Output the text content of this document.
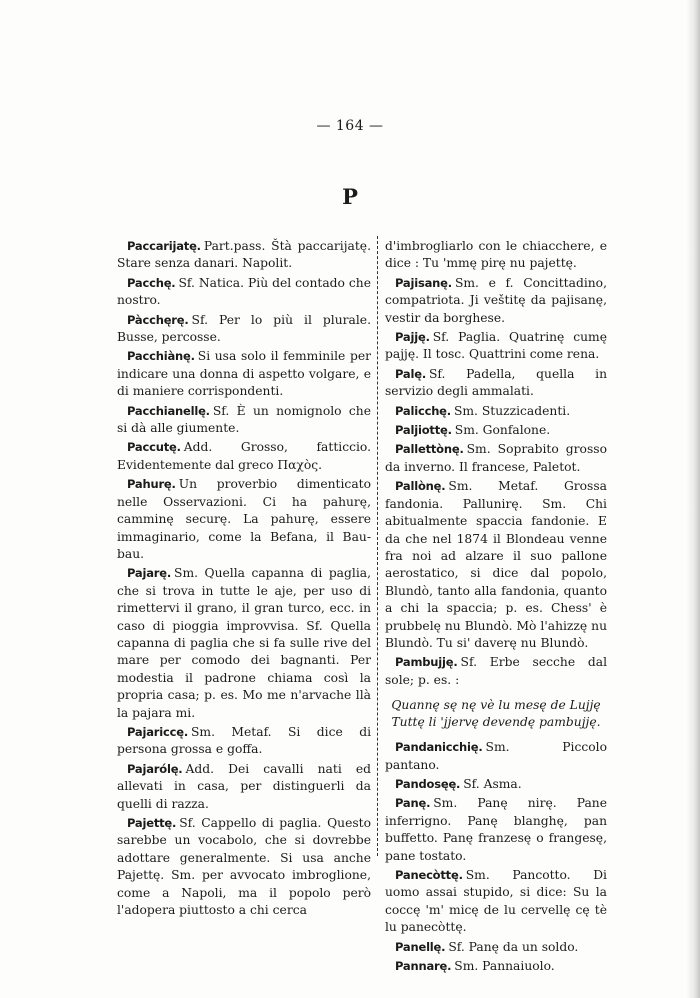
— 164 —
P

Paccarijatę. Part.pass. Štà paccarijatę. Stare senza danari. Napolit.

Pacchę. Sf. Natica. Più del contado che nostro.

Pàcchęrę. Sf. Per lo più il plurale. Busse, percosse.

Pacchiànę. Si usa solo il femminile per indicare una donna di aspetto volgare, e di maniere corrispondenti.

Pacchianellę. Sf. È un nomignolo che si dà alle giumente.

Paccutę. Add. Grosso, fatticcio. Evidentemente dal greco Παχὸς.

Pahurę. Un proverbio dimenticato nelle Osservazioni. Ci ha pahurę, camminę securę. La pahurę, essere immaginario, come la Befana, il Bau-bau.

Pajarę. Sm. Quella capanna di paglia, che si trova in tutte le aje, per uso di rimettervi il grano, il gran turco, ecc. in caso di pioggia improvvisa. Sf. Quella capanna di paglia che si fa sulle rive del mare per comodo dei bagnanti. Per modestia il padrone chiama così la propria casa; p. es. Mo me n'arvache llà la pajara mi.

Pajariccę. Sm. Metaf. Si dice di persona grossa e goffa.

Pajarólę. Add. Dei cavalli nati ed allevati in casa, per distinguerli da quelli di razza.

Pajettę. Sf. Cappello di paglia. Questo sarebbe un vocabolo, che si dovrebbe adottare generalmente. Si usa anche Pajettę. Sm. per avvocato imbroglione, come a Napoli, ma il popolo però l'adopera piuttosto a chi cerca

d'imbrogliarlo con le chiacchere, e dice : Tu 'mmę pirę nu pajettę.

Pajisanę. Sm. e f. Concittadino, compatriota. Ji veštitę da pajisanę, vestir da borghese.

Pajję. Sf. Paglia. Quatrinę cumę pajję. Il tosc. Quattrini come rena.

Palę. Sf. Padella, quella in servizio degli ammalati.

Palicchę. Sm. Stuzzicadenti.

Paljiottę. Sm. Gonfalone.

Pallettònę. Sm. Soprabito grosso da inverno. Il francese, Paletot.

Pallònę. Sm. Metaf. Grossa fandonia. Pallunirę. Sm. Chi abitualmente spaccia fandonie. E da che nel 1874 il Blondeau venne fra noi ad alzare il suo pallone aerostatico, si dice dal popolo, Blundò, tanto alla fandonia, quanto a chi la spaccia; p. es. Chess' è prubbelę nu Blundò. Mò l'ahizzę nu Blundò. Tu si' daverę nu Blundò.

Pambujję. Sf. Erbe secche dal sole; p. es. :

Quannę sę nę vè lu mesę de Lujję
Tuttę li 'jjervę devendę pambujję.

Pandanicchię. Sm. Piccolo pantano.

Pandosęę. Sf. Asma.

Panę. Sm. Panę nirę. Pane inferrigno. Panę blanghę, pan buffetto. Panę franzesę o frangesę, pane tostato.

Panecòttę. Sm. Pancotto. Di uomo assai stupido, si dice: Su la coccę 'm' micę de lu cervellę cę tè lu panecòttę.

Panellę. Sf. Panę da un soldo.

Pannarę. Sm. Pannaiuolo.
